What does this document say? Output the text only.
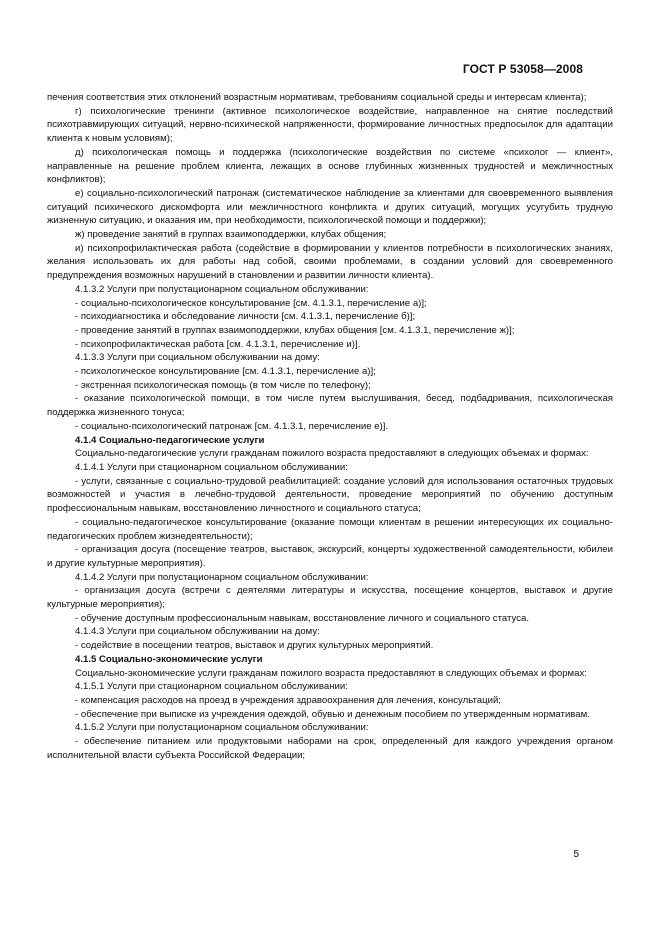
ГОСТ Р 53058—2008

печения соответствия этих отклонений возрастным нормативам, требованиям социальной среды и интересам клиента);

г) психологические тренинги (активное психологическое воздействие, направленное на снятие последствий психотравмирующих ситуаций, нервно-психической напряженности, формирование личностных предпосылок для адаптации клиента к новым условиям);

д) психологическая помощь и поддержка (психологические воздействия по системе «психолог — клиент», направленные на решение проблем клиента, лежащих в основе глубинных жизненных трудностей и межличностных конфликтов);

е) социально-психологический патронаж (систематическое наблюдение за клиентами для своевременного выявления ситуаций психического дискомфорта или межличностного конфликта и других ситуаций, могущих усугубить трудную жизненную ситуацию, и оказания им, при необходимости, психологической помощи и поддержки);

ж) проведение занятий в группах взаимоподдержки, клубах общения;

и) психопрофилактическая работа (содействие в формировании у клиентов потребности в психологических знаниях, желания использовать их для работы над собой, своими проблемами, в создании условий для своевременного предупреждения возможных нарушений в становлении и развитии личности клиента).

4.1.3.2 Услуги при полустационарном социальном обслуживании:

- социально-психологическое консультирование [см. 4.1.3.1, перечисление а)];

- психодиагностика и обследование личности [см. 4.1.3.1, перечисление б)];

- проведение занятий в группах взаимоподдержки, клубах общения [см. 4.1.3.1, перечисление ж)];

- психопрофилактическая работа [см. 4.1.3.1, перечисление и)].

4.1.3.3 Услуги при социальном обслуживании на дому:

- психологическое консультирование [см. 4.1.3.1, перечисление а)];

- экстренная психологическая помощь (в том числе по телефону);

- оказание психологической помощи, в том числе путем выслушивания, бесед, подбадривания, психологическая поддержка жизненного тонуса;

- социально-психологический патронаж [см. 4.1.3.1, перечисление е)].

4.1.4 Социально-педагогические услуги

Социально-педагогические услуги гражданам пожилого возраста предоставляют в следующих объемах и формах:

4.1.4.1 Услуги при стационарном социальном обслуживании:

- услуги, связанные с социально-трудовой реабилитацией: создание условий для использования остаточных трудовых возможностей и участия в лечебно-трудовой деятельности, проведение мероприятий по обучению доступным профессиональным навыкам, восстановлению личностного и социального статуса;

- социально-педагогическое консультирование (оказание помощи клиентам в решении интересующих их социально-педагогических проблем жизнедеятельности);

- организация досуга (посещение театров, выставок, экскурсий, концерты художественной самодеятельности, юбилеи и другие культурные мероприятия).

4.1.4.2 Услуги при полустационарном социальном обслуживании:

- организация досуга (встречи с деятелями литературы и искусства, посещение концертов, выставок и другие культурные мероприятия);

- обучение доступным профессиональным навыкам, восстановление личного и социального статуса.

4.1.4.3 Услуги при социальном обслуживании на дому:

- содействие в посещении театров, выставок и других культурных мероприятий.

4.1.5 Социально-экономические услуги

Социально-экономические услуги гражданам пожилого возраста предоставляют в следующих объемах и формах:

4.1.5.1 Услуги при стационарном социальном обслуживании:

- компенсация расходов на проезд в учреждения здравоохранения для лечения, консультаций;

- обеспечение при выписке из учреждения одеждой, обувью и денежным пособием по утвержденным нормативам.

4.1.5.2 Услуги при полустационарном социальном обслуживании:

- обеспечение питанием или продуктовыми наборами на срок, определенный для каждого учреждения органом исполнительной власти субъекта Российской Федерации;

5
